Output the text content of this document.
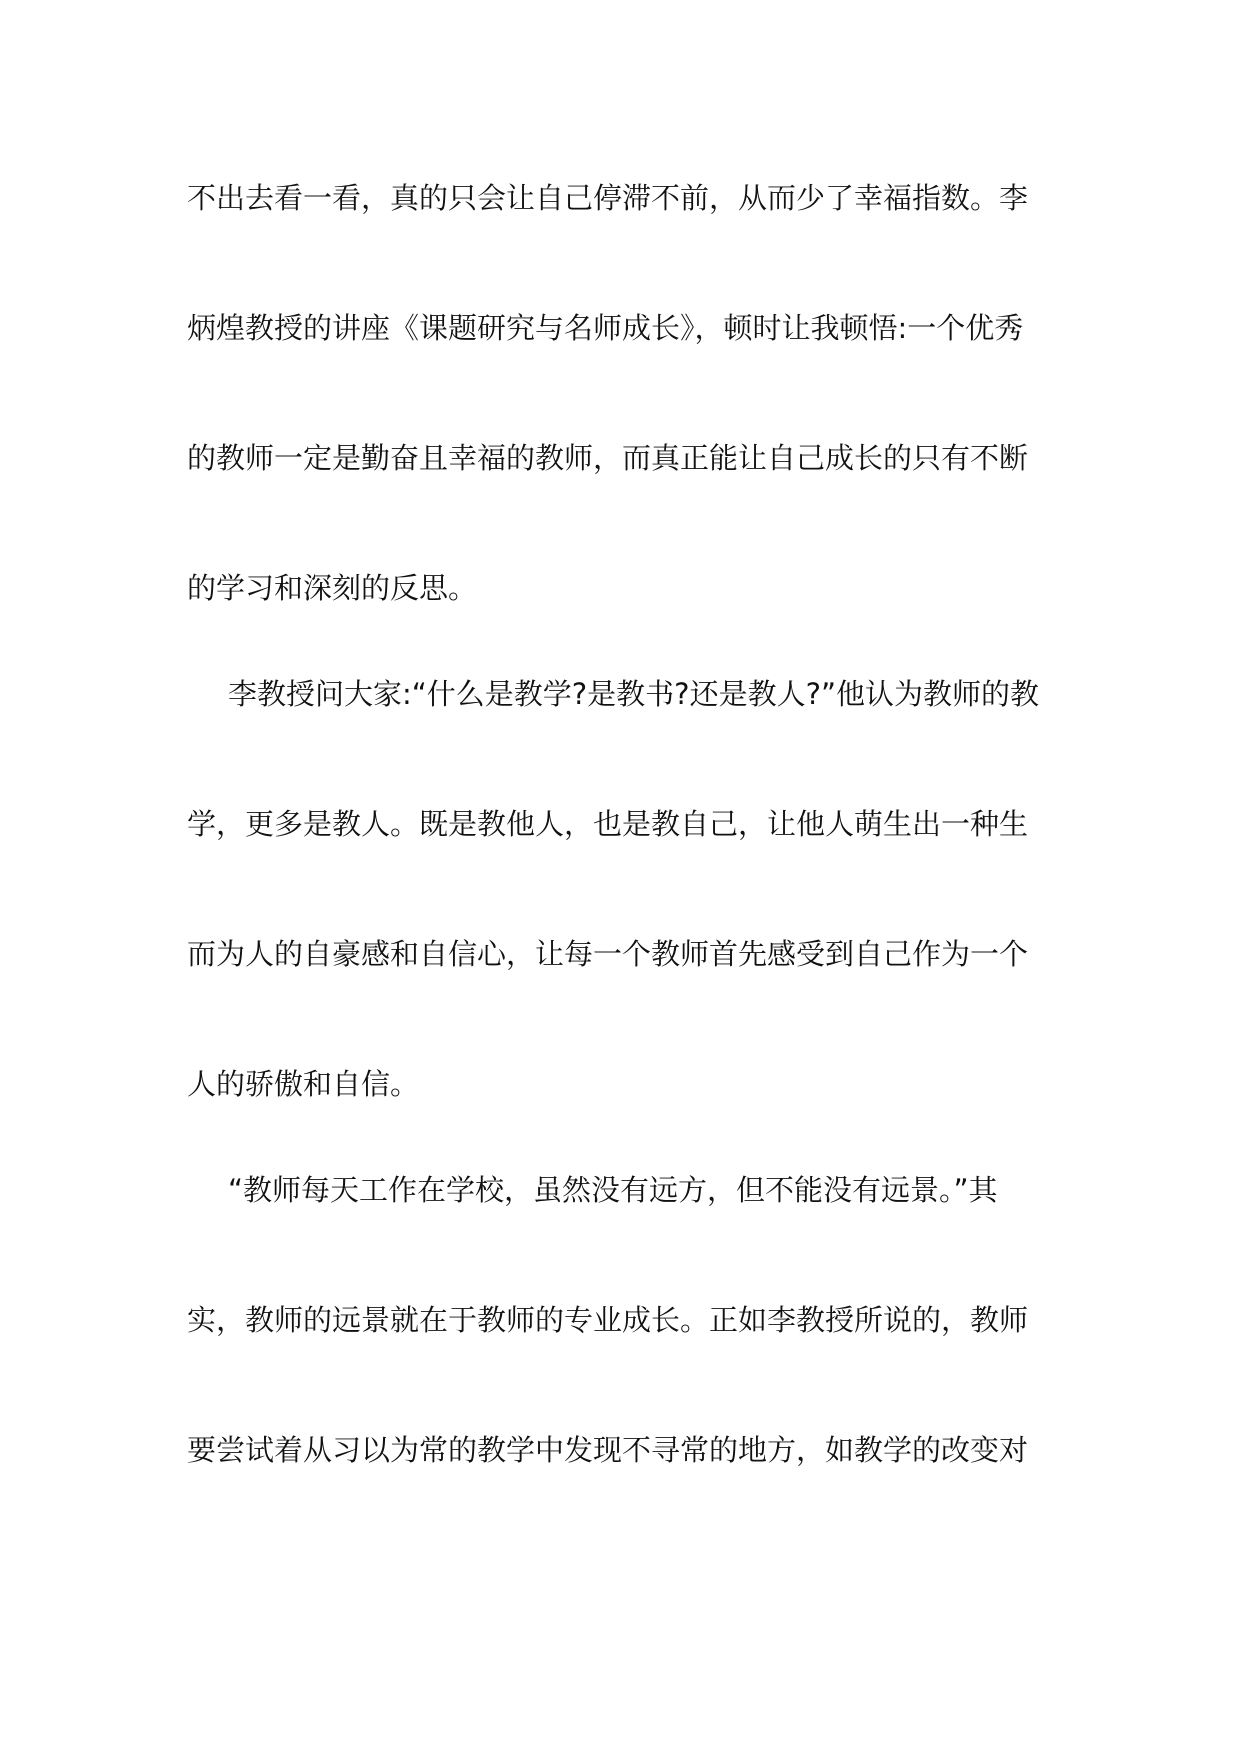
不出去看一看，真的只会让自己停滞不前，从而少了幸福指数。李
炳煌教授的讲座《课题研究与名师成长》，顿时让我顿悟:一个优秀
的教师一定是勤奋且幸福的教师，而真正能让自己成长的只有不断
的学习和深刻的反思。
李教授问大家:“什么是教学?是教书?还是教人?”他认为教师的教
学，更多是教人。既是教他人，也是教自己，让他人萌生出一种生
而为人的自豪感和自信心，让每一个教师首先感受到自己作为一个
人的骄傲和自信。
“教师每天工作在学校，虽然没有远方，但不能没有远景。”其
实，教师的远景就在于教师的专业成长。正如李教授所说的，教师
要尝试着从习以为常的教学中发现不寻常的地方，如教学的改变对
